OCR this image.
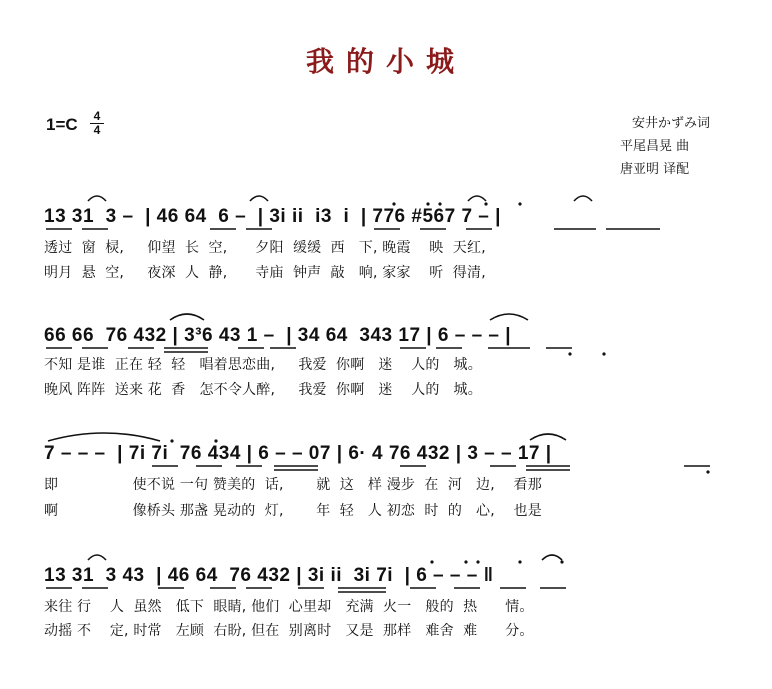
我的小城
$1=C \frac{4}{4}$	安井かずみ词
平尾昌晃 曲
唐亚明 译配
13 31  3 –  | 46 64  6 –  | 3i ii  i3  i  | 776 #567 7 – |
透过  窗  棂,     仰望  长  空,      夕阳  缓缓  西   下, 晚霞    映  天红,
明月  悬  空,     夜深  人  静,      寺庙  钟声  敲   响, 家家    听  得清,
66 66  76 432 | 3³6 43 1 –  | 34 64  343 17 | 6 – – – |
不知 是谁  正在 轻  轻   唱着思恋曲,     我爱  你啊   迷    人的   城。
晚风 阵阵  送来 花  香   怎不令人醉,     我爱  你啊   迷    人的   城。
7 – – –  | 7i 7i  76 434 | 6 – – 07 | 6· 4 76 432 | 3 – – 17 |
即                使不说 一句 赞美的  话,       就  这   样 漫步  在  河   边,    看那
啊                像桥头 那盏 晃动的  灯,       年  轻   人 初恋  时  的   心,    也是
13 31  3 43  | 46 64  76 432 | 3i ii  3i 7i  | 6 – – – ‖
来往 行    人  虽然   低下  眼睛, 他们  心里却   充满  火一   般的  热      情。
动摇 不    定, 时常   左顾  右盼, 但在  别离时   又是  那样   难舍  难      分。
